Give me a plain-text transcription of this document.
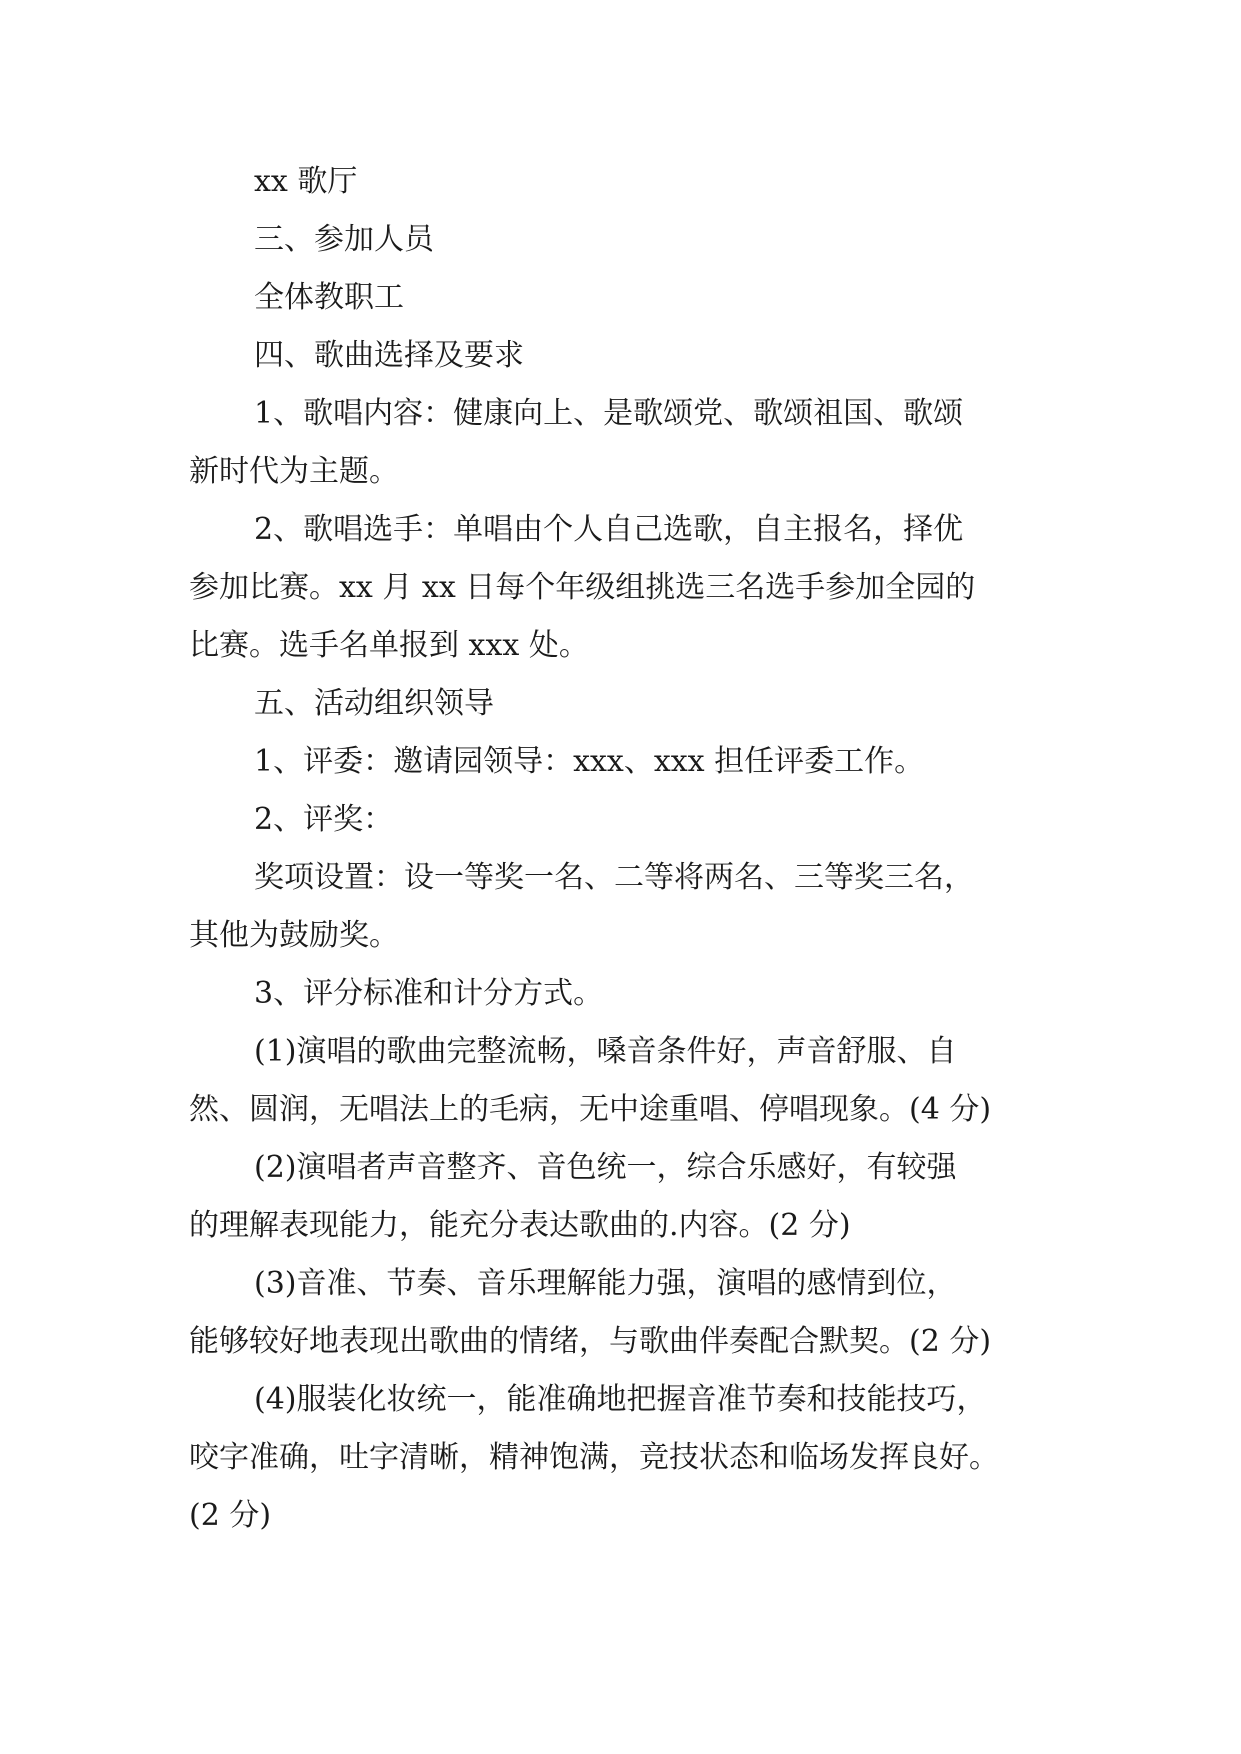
xx 歌厅
三、参加人员
全体教职工
四、歌曲选择及要求
1、歌唱内容：健康向上、是歌颂党、歌颂祖国、歌颂
新时代为主题。
2、歌唱选手：单唱由个人自己选歌，自主报名，择优
参加比赛。xx 月 xx 日每个年级组挑选三名选手参加全园的
比赛。选手名单报到 xxx 处。
五、活动组织领导
1、评委：邀请园领导：xxx、xxx 担任评委工作。
2、评奖：
奖项设置：设一等奖一名、二等将两名、三等奖三名，
其他为鼓励奖。
3、评分标准和计分方式。
(1)演唱的歌曲完整流畅，嗓音条件好，声音舒服、自
然、圆润，无唱法上的毛病，无中途重唱、停唱现象。(4 分)
(2)演唱者声音整齐、音色统一，综合乐感好，有较强
的理解表现能力，能充分表达歌曲的.内容。(2 分)
(3)音准、节奏、音乐理解能力强，演唱的感情到位，
能够较好地表现出歌曲的情绪，与歌曲伴奏配合默契。(2 分)
(4)服装化妆统一，能准确地把握音准节奏和技能技巧，
咬字准确，吐字清晰，精神饱满，竞技状态和临场发挥良好。
(2 分)
